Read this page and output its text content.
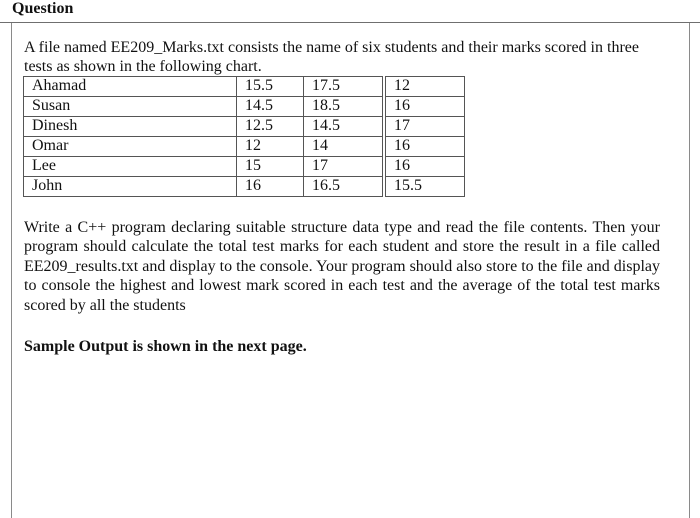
Question

A file named EE209_Marks.txt consists the name of six students and their marks scored in three tests as shown in the following chart.

Ahamad	15.5	17.5		12
Susan	14.5	18.5		16
Dinesh	12.5	14.5		17
Omar	12	14		16
Lee	15	17		16
John	16	16.5		15.5

Write a C++ program declaring suitable structure data type and read the file contents. Then your program should calculate the total test marks for each student and store the result in a file called EE209_results.txt and display to the console. Your program should also store to the file and display to console the highest and lowest mark scored in each test and the average of the total test marks scored by all the students

Sample Output is shown in the next page.
